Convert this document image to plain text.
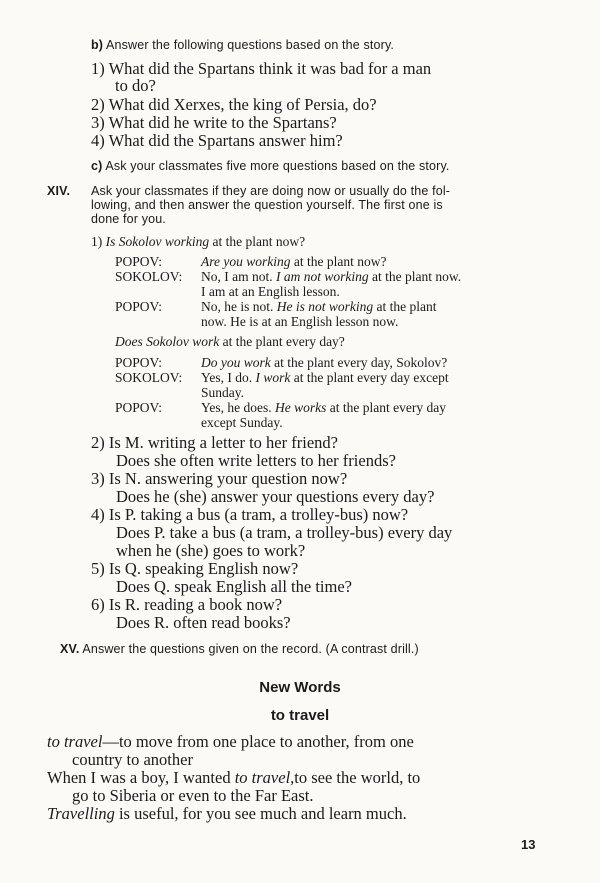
b) Answer the following questions based on the story.
1) What did the Spartans think it was bad for a man
to do?
2) What did Xerxes, the king of Persia, do?
3) What did he write to the Spartans?
4) What did the Spartans answer him?
c) Ask your classmates five more questions based on the story.
XIV. Ask your classmates if they are doing now or usually do the fol-
lowing, and then answer the question yourself. The first one is
done for you.
1) Is Sokolov working at the plant now?
POPOV:	Are you working at the plant now?
SOKOLOV: No, I am not. I am not working at the plant now.
I am at an English lesson.
POPOV:	No, he is not. He is not working at the plant
now. He is at an English lesson now.
Does Sokolov work at the plant every day?
POPOV:	Do you work at the plant every day, Sokolov?
SOKOLOV: Yes, I do. I work at the plant every day except
Sunday.
POPOV:	Yes, he does. He works at the plant every day
except Sunday.
2) Is M. writing a letter to her friend?
Does she often write letters to her friends?
3) Is N. answering your question now?
Does he (she) answer your questions every day?
4) Is P. taking a bus (a tram, a trolley-bus) now?
Does P. take a bus (a tram, a trolley-bus) every day
when he (she) goes to work?
5) Is Q. speaking English now?
Does Q. speak English all the time?
6) Is R. reading a book now?
Does R. often read books?
XV. Answer the questions given on the record. (A contrast drill.)
New Words
to travel
to travel—to move from one place to another, from one
country to another
When I was a boy, I wanted to travel,to see the world, to
go to Siberia or even to the Far East.
Travelling is useful, for you see much and learn much.
13
